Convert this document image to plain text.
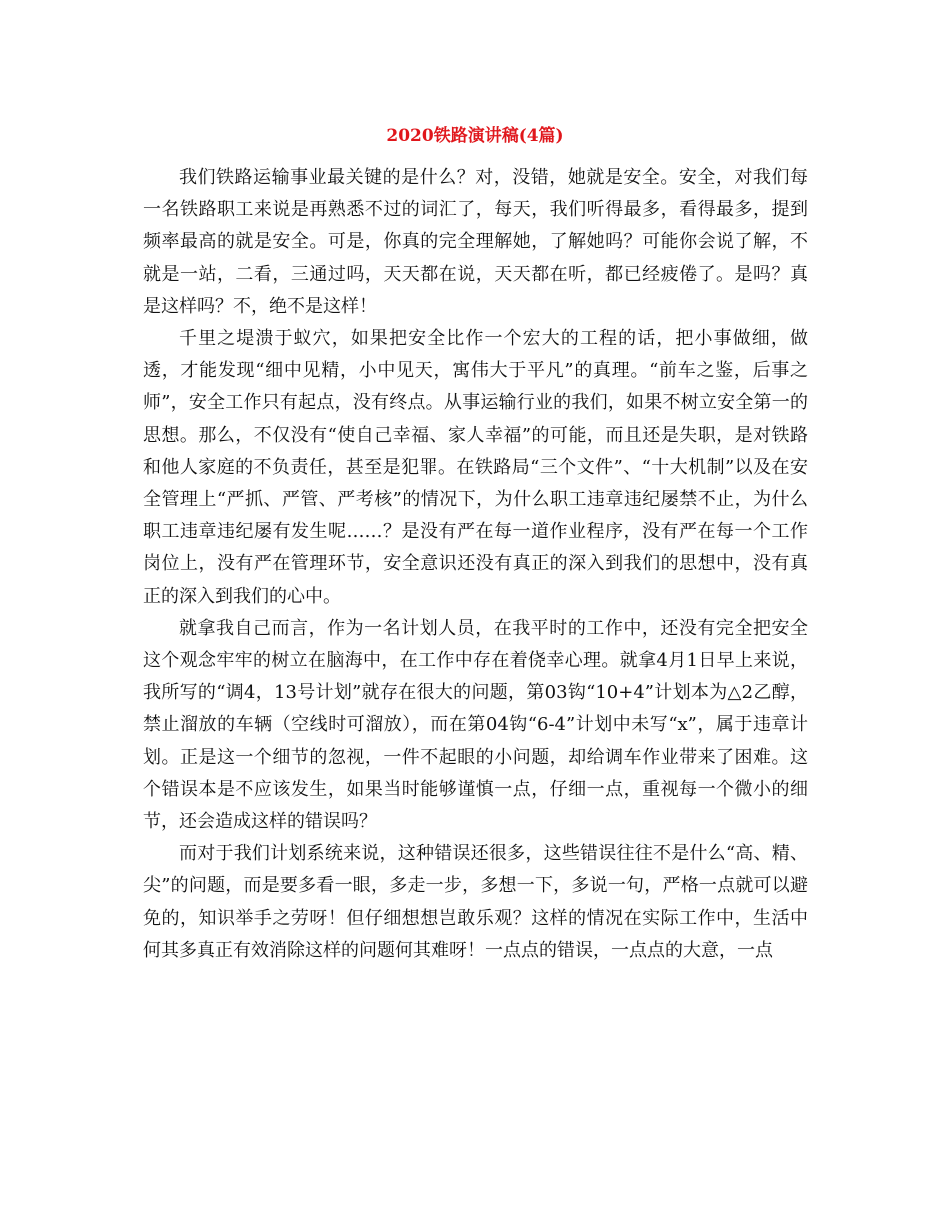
2020铁路演讲稿(4篇)

我们铁路运输事业最关键的是什么？对，没错，她就是安全。安全，对我们每一名铁路职工来说是再熟悉不过的词汇了，每天，我们听得最多，看得最多，提到频率最高的就是安全。可是，你真的完全理解她，了解她吗？可能你会说了解，不就是一站，二看，三通过吗，天天都在说，天天都在听，都已经疲倦了。是吗？真是这样吗？不，绝不是这样！

千里之堤溃于蚁穴，如果把安全比作一个宏大的工程的话，把小事做细，做透，才能发现“细中见精，小中见天，寓伟大于平凡”的真理。“前车之鉴，后事之师”，安全工作只有起点，没有终点。从事运输行业的我们，如果不树立安全第一的思想。那么，不仅没有“使自己幸福、家人幸福”的可能，而且还是失职，是对铁路和他人家庭的不负责任，甚至是犯罪。在铁路局“三个文件”、“十大机制”以及在安全管理上“严抓、严管、严考核”的情况下，为什么职工违章违纪屡禁不止，为什么职工违章违纪屡有发生呢……？是没有严在每一道作业程序，没有严在每一个工作岗位上，没有严在管理环节，安全意识还没有真正的深入到我们的思想中，没有真正的深入到我们的心中。

就拿我自己而言，作为一名计划人员，在我平时的工作中，还没有完全把安全这个观念牢牢的树立在脑海中，在工作中存在着侥幸心理。就拿4月1日早上来说，我所写的“调4，13号计划”就存在很大的问题，第03钩“10+4”计划本为△2乙醇，禁止溜放的车辆（空线时可溜放），而在第04钩“6-4”计划中未写“x”，属于违章计划。正是这一个细节的忽视，一件不起眼的小问题，却给调车作业带来了困难。这个错误本是不应该发生，如果当时能够谨慎一点，仔细一点，重视每一个微小的细节，还会造成这样的错误吗？

而对于我们计划系统来说，这种错误还很多，这些错误往往不是什么“高、精、尖”的问题，而是要多看一眼，多走一步，多想一下，多说一句，严格一点就可以避免的，知识举手之劳呀！但仔细想想岂敢乐观？这样的情况在实际工作中，生活中何其多真正有效消除这样的问题何其难呀！一点点的错误，一点点的大意，一点
